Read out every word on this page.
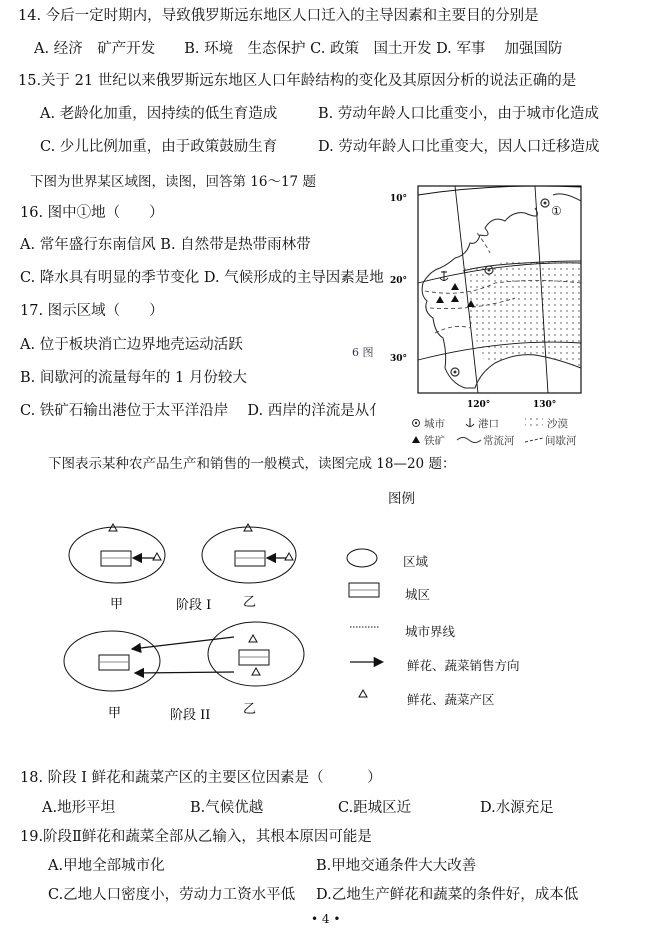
14. 今后一定时期内，导致俄罗斯远东地区人口迁入的主导因素和主要目的分别是
A. 经济　矿产开发　　B. 环境　生态保护 C. 政策　国土开发 D. 军事　 加强国防
15.关于 21 世纪以来俄罗斯远东地区人口年龄结构的变化及其原因分析的说法正确的是
A. 老龄化加重，因持续的低生育造成	B. 劳动年龄人口比重变小，由于城市化造成
C. 少儿比例加重，由于政策鼓励生育	D. 劳动年龄人口比重变大，因人口迁移造成
下图为世界某区域图，读图，回答第 16～17 题
16. 图中①地（　　）
A. 常年盛行东南信风 B. 自然带是热带雨林带
C. 降水具有明显的季节变化 D. 气候形成的主导因素是地
17. 图示区域（　　）
A. 位于板块消亡边界地壳运动活跃
B. 间歇河的流量每年的 1 月份较大
C. 铁矿石输出港位于太平洋沿岸　 D. 西岸的洋流是从亻
6 图
①
10°
20°
30°
120°	130°
城市	港口	沙漠
铁矿	常流河	间歇河
下图表示某种农产品生产和销售的一般模式，读图完成 18—20 题：
图例
甲	阶段 I 乙
甲	阶段 II	乙
区域
城区
城市界线
鲜花、蔬菜销售方向
鲜花、蔬菜产区
18. 阶段 I 鲜花和蔬菜产区的主要区位因素是（　　　）
A.地形平坦	B.气候优越	C.距城区近	D.水源充足
19.阶段Ⅱ鲜花和蔬菜全部从乙输入，其根本原因可能是
A.甲地全部城市化	B.甲地交通条件大大改善
C.乙地人口密度小，劳动力工资水平低 D.乙地生产鲜花和蔬菜的条件好，成本低
• 4 •
